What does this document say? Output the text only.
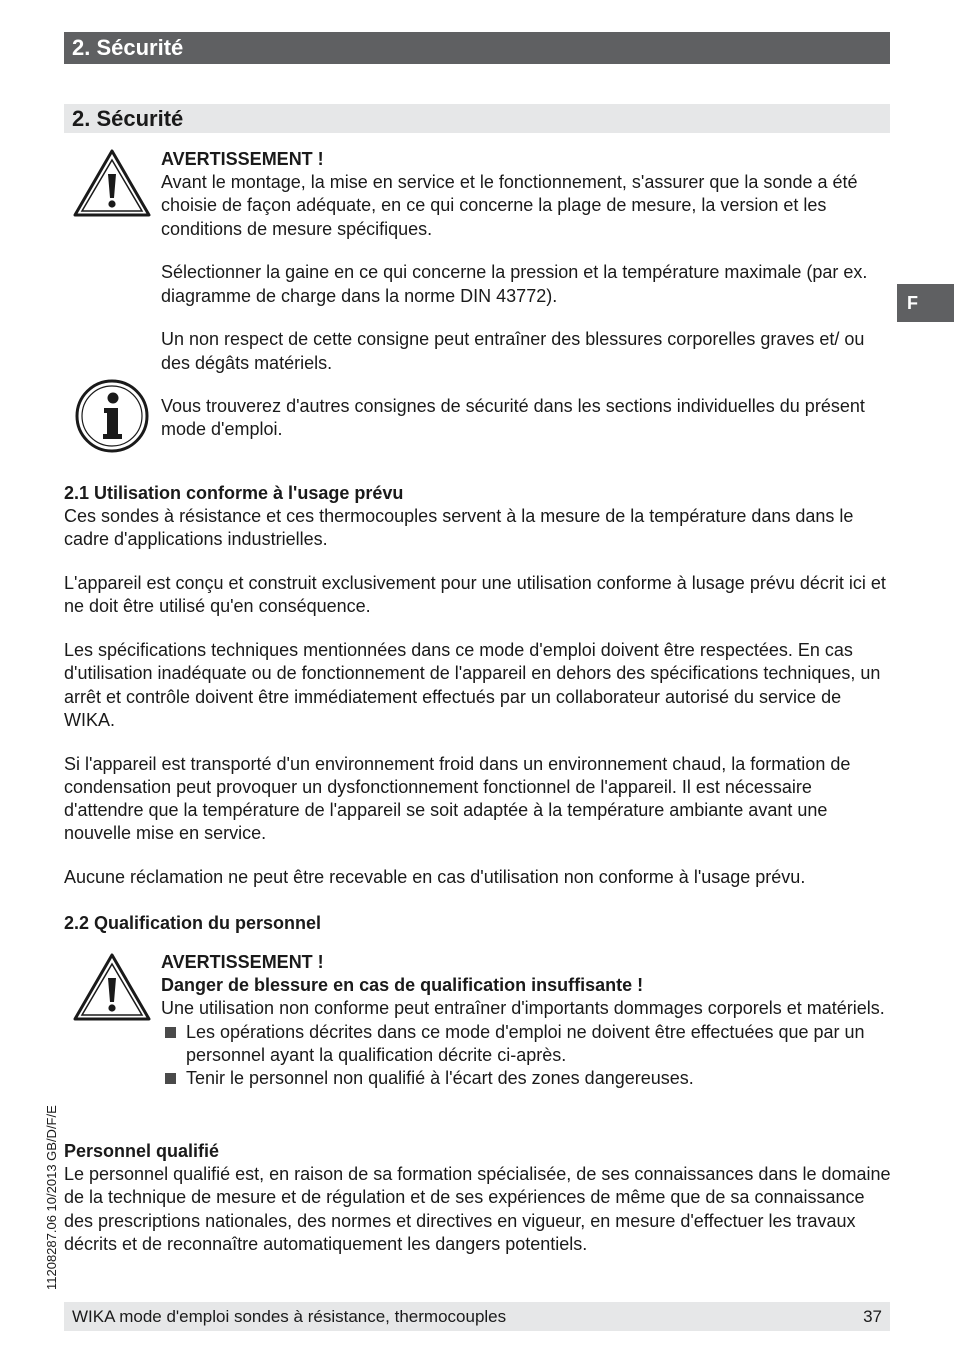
2. Sécurité
2. Sécurité
F

AVERTISSEMENT !

Avant le montage, la mise en service et le fonctionnement, s'assurer que la sonde a été choisie de façon adéquate, en ce qui concerne la plage de mesure, la version et les conditions de mesure spécifiques.

Sélectionner la gaine en ce qui concerne la pression et la température maximale (par ex. diagramme de charge dans la norme DIN 43772).

Un non respect de cette consigne peut entraîner des blessures corporelles graves et/ ou des dégâts matériels.

Vous trouverez d'autres consignes de sécurité dans les sections individuelles du présent mode d'emploi.

2.1 Utilisation conforme à l'usage prévu

Ces sondes à résistance et ces thermocouples servent à la mesure de la température dans dans le cadre d'applications industrielles.

L'appareil est conçu et construit exclusivement pour une utilisation conforme à lusage prévu décrit ici et ne doit être utilisé qu'en conséquence.

Les spécifications techniques mentionnées dans ce mode d'emploi doivent être respectées. En cas d'utilisation inadéquate ou de fonctionnement de l'appareil en dehors des spécifications techniques, un arrêt et contrôle doivent être immédiatement effectués par un collaborateur autorisé du service de WIKA.

Si l'appareil est transporté d'un environnement froid dans un environnement chaud, la formation de condensation peut provoquer un dysfonctionnement fonctionnel de l'appareil. Il est nécessaire d'attendre que la température de l'appareil se soit adaptée à la température ambiante avant une nouvelle mise en service.

Aucune réclamation ne peut être recevable en cas d'utilisation non conforme à l'usage prévu.

2.2 Qualification du personnel

AVERTISSEMENT !

Danger de blessure en cas de qualification insuffisante !

Une utilisation non conforme peut entraîner d'importants dommages corporels et matériels.

Les opérations décrites dans ce mode d'emploi ne doivent être effectuées que par un personnel ayant la qualification décrite ci-après.
Tenir le personnel non qualifié à l'écart des zones dangereuses.

Personnel qualifié

Le personnel qualifié est, en raison de sa formation spécialisée, de ses connaissances dans le domaine de la technique de mesure et de régulation et de ses expériences de même que de sa connaissance des prescriptions nationales, des normes et directives en vigueur, en mesure d'effectuer les travaux décrits et de reconnaître automatiquement les dangers potentiels.

11208287.06 10/2013 GB/D/F/E
WIKA mode d'emploi sondes à résistance, thermocouples	37
